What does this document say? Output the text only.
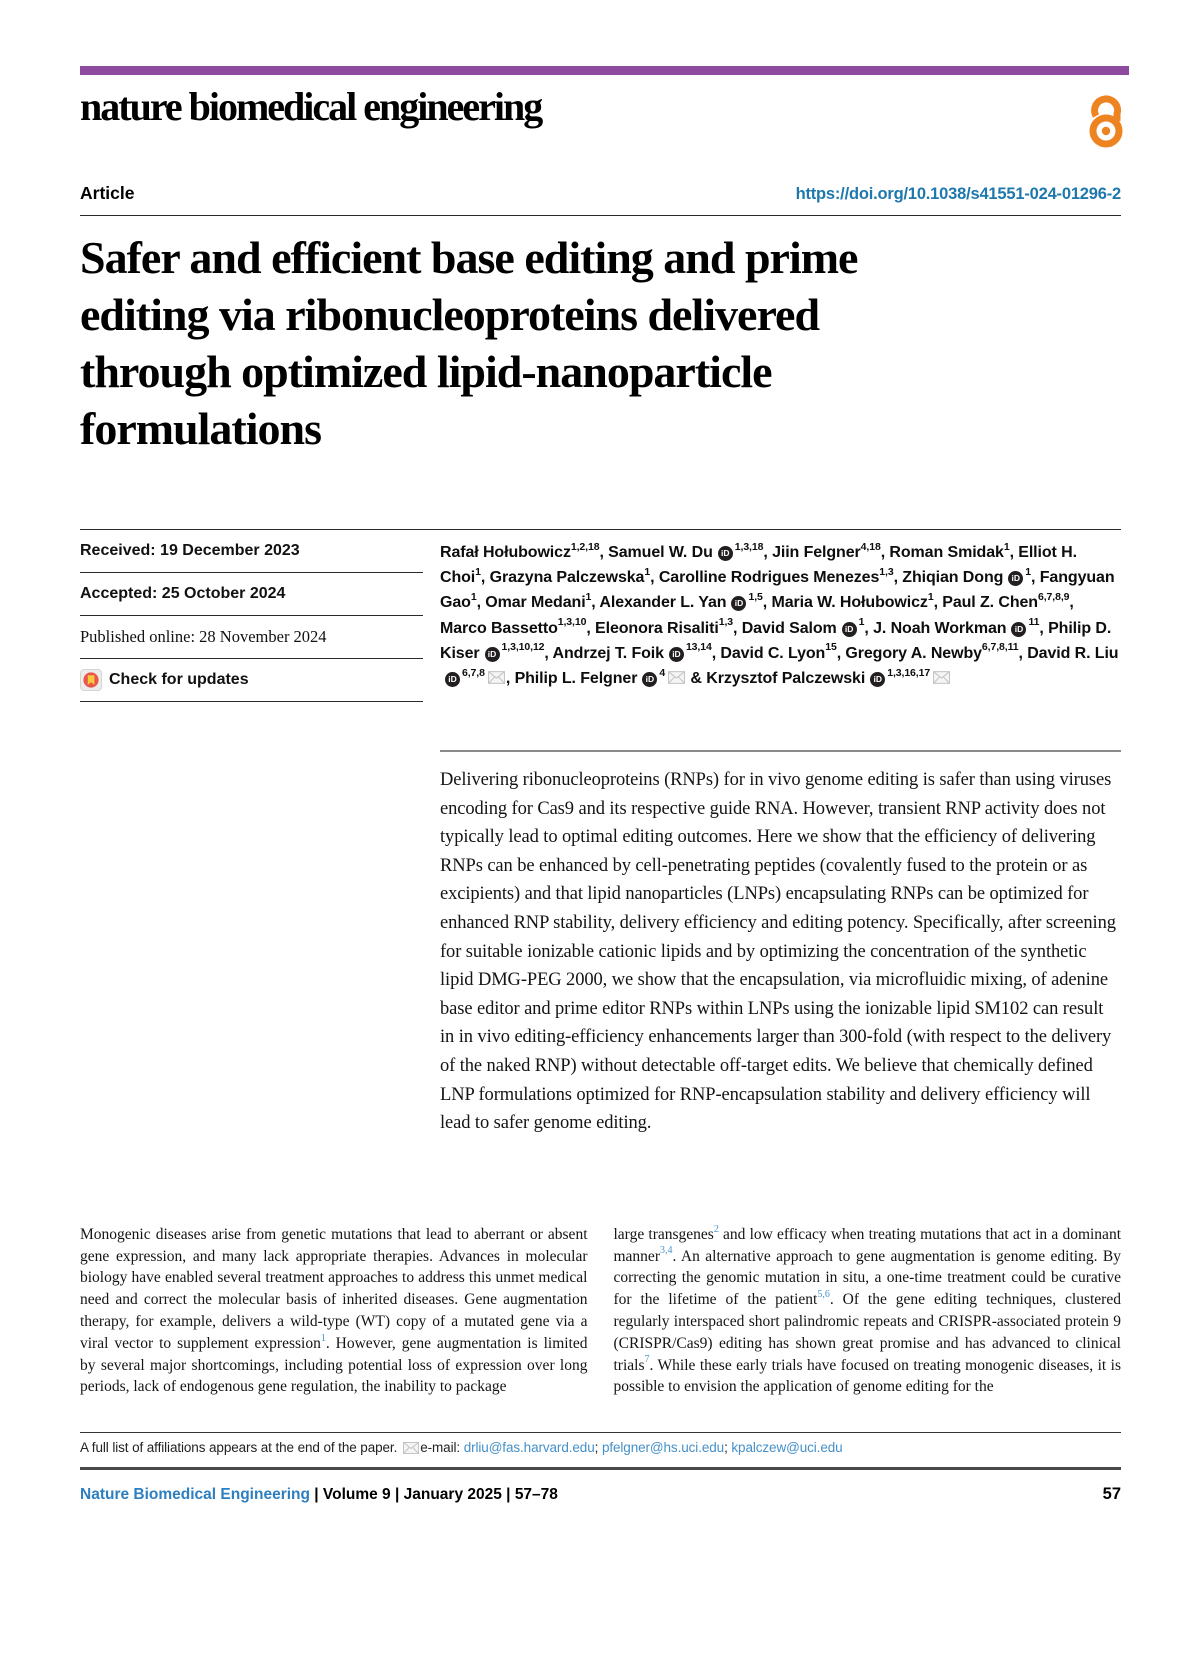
nature biomedical engineering
Article	https://doi.org/10.1038/s41551-024-01296-2
Safer and efficient base editing and prime
editing via ribonucleoproteins delivered
through optimized lipid-nanoparticle
formulations
Received: 19 December 2023
Accepted: 25 October 2024
Published online: 28 November 2024
Check for updates
Rafał Hołubowicz$^{1,2,18}$, Samuel W. Du iD$^{1,3,18}$, Jiin Felgner$^{4,18}$, Roman Smidak$^1$, Elliot H. Choi$^1$, Grazyna Palczewska$^1$, Carolline Rodrigues Menezes$^{1,3}$, Zhiqian Dong $iD^1$, Fangyuan Gao$^1$, Omar Medani$^1$, Alexander L. Yan iD$^{1,5}$, Maria W. Hołubowicz$^1$, Paul Z. Chen$^{6,7,8,9}$, Marco Bassetto$^{1,3,10}$, Eleonora Risaliti$^{1,3}$, David Salom $iD^1$, J. Noah Workman $iD^{11}$, Philip D. Kiser iD$^{1,3,10,12}$, Andrzej T. Foik iD$^{13,14}$, David C. Lyon$^{15}$, Gregory A. Newby$^{6,7,8,11}$, David R. LiuiD$^{6,7,8}$ , Philip L. Felgner $iD^4$ & Krzysztof Palczewski iD$^{1,3,16,17}$
Delivering ribonucleoproteins (RNPs) for in vivo genome editing is safer than using viruses encoding for Cas9 and its respective guide RNA. However, transient RNP activity does not typically lead to optimal editing outcomes. Here we show that the efficiency of delivering RNPs can be enhanced by cell-penetrating peptides (covalently fused to the protein or as excipients) and that lipid nanoparticles (LNPs) encapsulating RNPs can be optimized for enhanced RNP stability, delivery efficiency and editing potency. Specifically, after screening for suitable ionizable cationic lipids and by optimizing the concentration of the synthetic lipid DMG-PEG 2000, we show that the encapsulation, via microfluidic mixing, of adenine base editor and prime editor RNPs within LNPs using the ionizable lipid SM102 can result in in vivo editing-efficiency enhancements larger than 300-fold (with respect to the delivery of the naked RNP) without detectable off-target edits. We believe that chemically defined LNP formulations optimized for RNP-encapsulation stability and delivery efficiency will lead to safer genome editing.

Monogenic diseases arise from genetic mutations that lead to aberrant or absent gene expression, and many lack appropriate therapies. Advances in molecular biology have enabled several treatment approaches to address this unmet medical need and correct the molecular basis of inherited diseases. Gene augmentation therapy, for example, delivers a wild-type (WT) copy of a mutated gene via a viral vector to supplement expression$^1$. However, gene augmentation is limited by several major shortcomings, including potential loss of expression over long periods, lack of endogenous gene regulation, the inability to package

large transgenes$^2$ and low efficacy when treating mutations that act in a dominant manner$^{3,4}$. An alternative approach to gene augmentation is genome editing. By correcting the genomic mutation in situ, a one-time treatment could be curative for the lifetime of the patient$^{5,6}$. Of the gene editing techniques, clustered regularly interspaced short palindromic repeats and CRISPR-associated protein 9 (CRISPR/Cas9) editing has shown great promise and has advanced to clinical trials$^7$. While these early trials have focused on treating monogenic diseases, it is possible to envision the application of genome editing for the

A full list of affiliations appears at the end of the paper. e-mail: drliu@fas.harvard.edu; pfelgner@hs.uci.edu; kpalczew@uci.edu
Nature Biomedical Engineering | Volume 9 | January 2025 | 57–78	57
